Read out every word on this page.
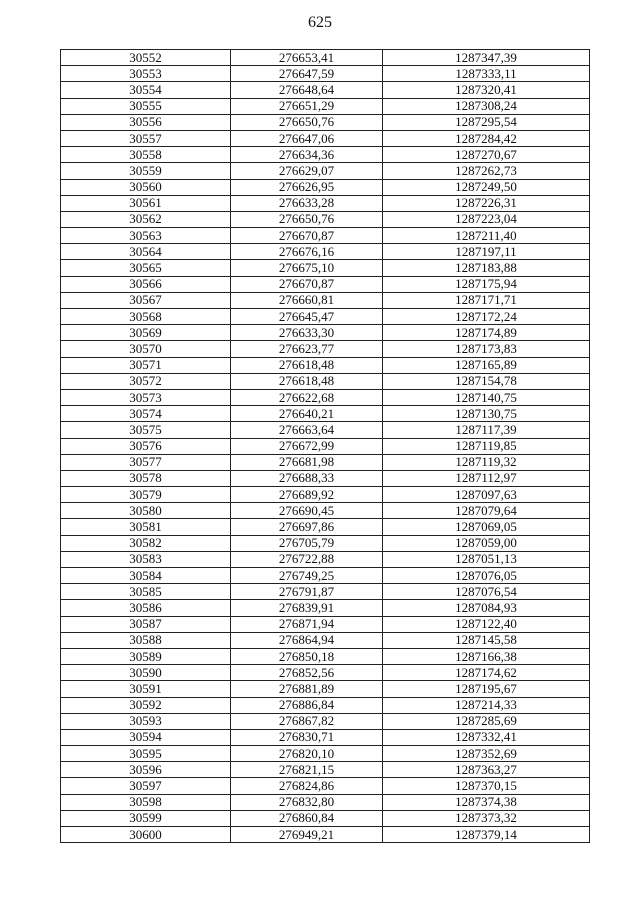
625
30552	276653,41	1287347,39
30553	276647,59	1287333,11
30554	276648,64	1287320,41
30555	276651,29	1287308,24
30556	276650,76	1287295,54
30557	276647,06	1287284,42
30558	276634,36	1287270,67
30559	276629,07	1287262,73
30560	276626,95	1287249,50
30561	276633,28	1287226,31
30562	276650,76	1287223,04
30563	276670,87	1287211,40
30564	276676,16	1287197,11
30565	276675,10	1287183,88
30566	276670,87	1287175,94
30567	276660,81	1287171,71
30568	276645,47	1287172,24
30569	276633,30	1287174,89
30570	276623,77	1287173,83
30571	276618,48	1287165,89
30572	276618,48	1287154,78
30573	276622,68	1287140,75
30574	276640,21	1287130,75
30575	276663,64	1287117,39
30576	276672,99	1287119,85
30577	276681,98	1287119,32
30578	276688,33	1287112,97
30579	276689,92	1287097,63
30580	276690,45	1287079,64
30581	276697,86	1287069,05
30582	276705,79	1287059,00
30583	276722,88	1287051,13
30584	276749,25	1287076,05
30585	276791,87	1287076,54
30586	276839,91	1287084,93
30587	276871,94	1287122,40
30588	276864,94	1287145,58
30589	276850,18	1287166,38
30590	276852,56	1287174,62
30591	276881,89	1287195,67
30592	276886,84	1287214,33
30593	276867,82	1287285,69
30594	276830,71	1287332,41
30595	276820,10	1287352,69
30596	276821,15	1287363,27
30597	276824,86	1287370,15
30598	276832,80	1287374,38
30599	276860,84	1287373,32
30600	276949,21	1287379,14
